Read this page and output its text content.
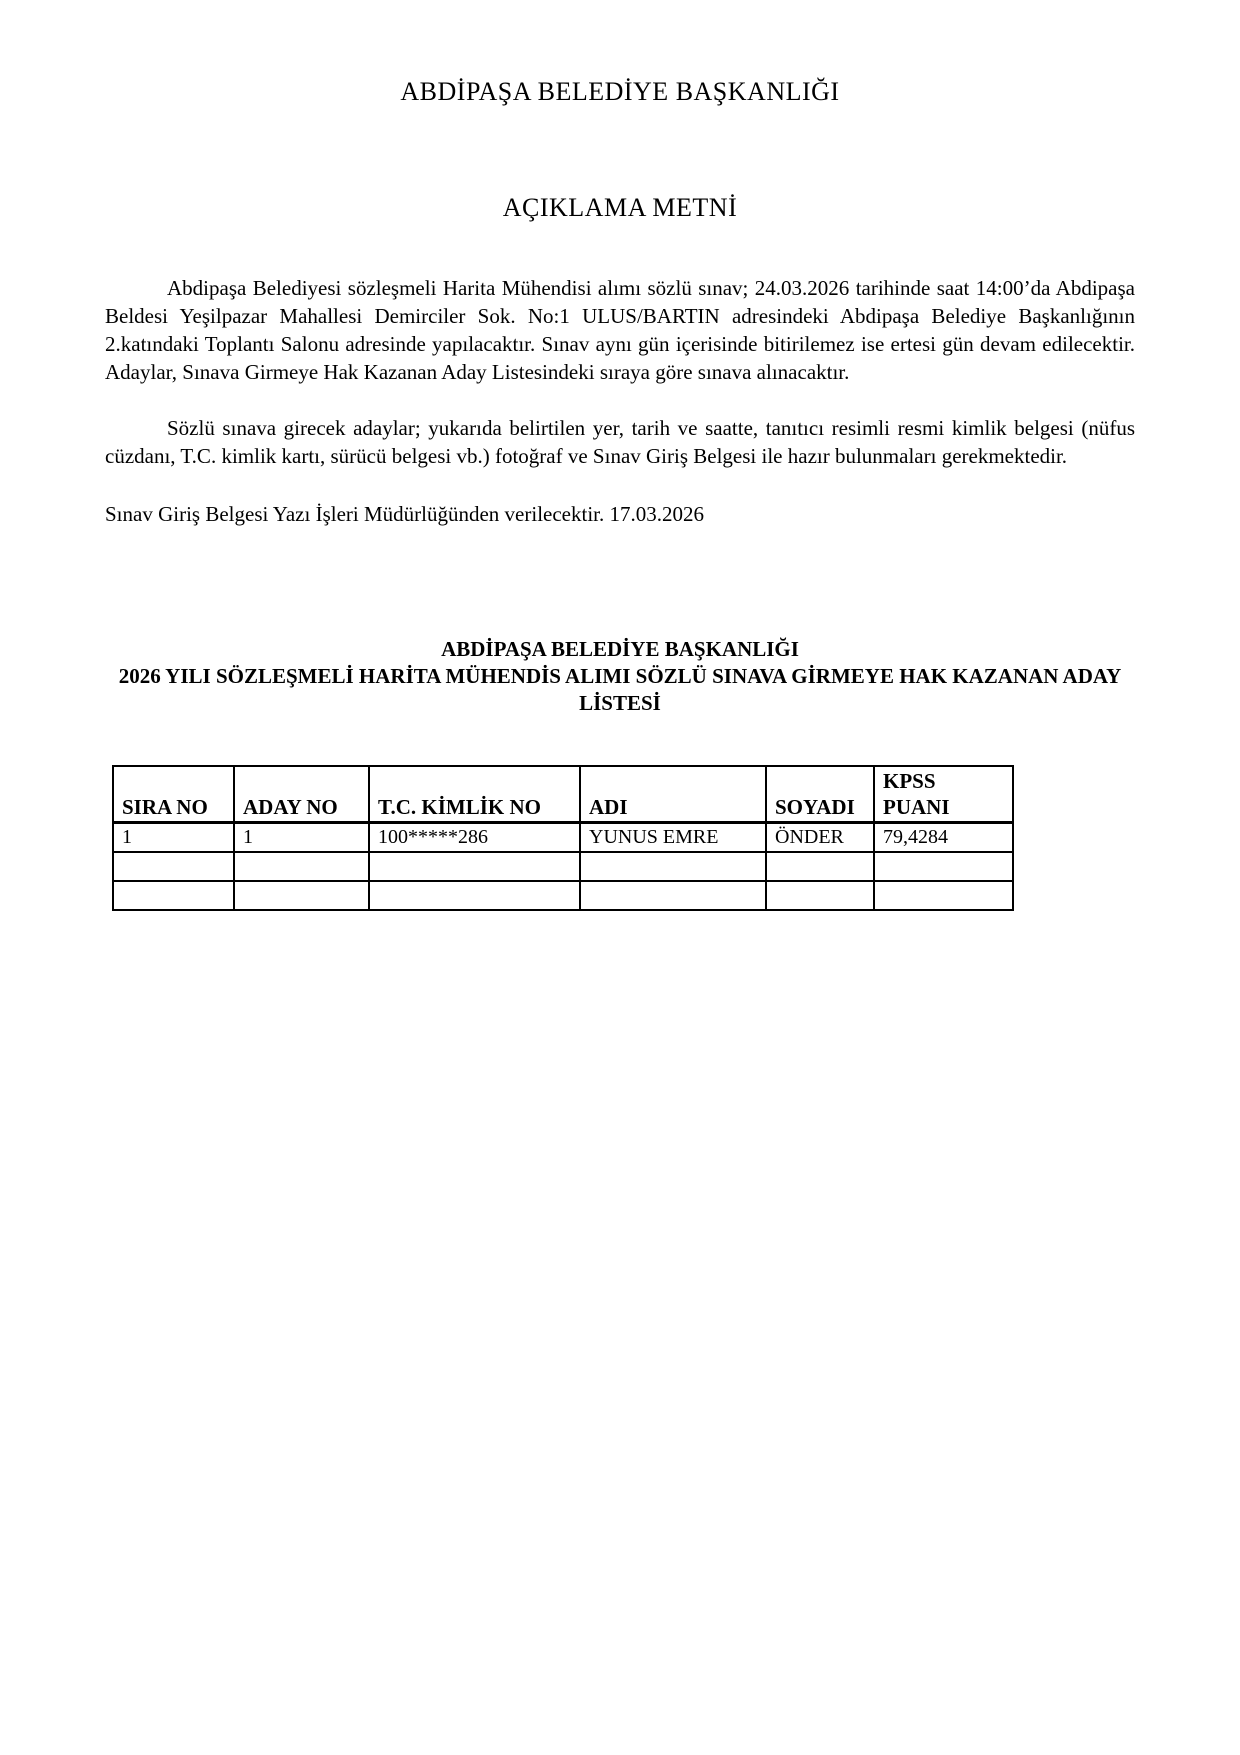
ABDİPAŞA BELEDİYE BAŞKANLIĞI
AÇIKLAMA METNİ

Abdipaşa Belediyesi sözleşmeli Harita Mühendisi alımı sözlü sınav; 24.03.2026 tarihinde saat 14:00’da Abdipaşa Beldesi Yeşilpazar Mahallesi Demirciler Sok. No:1 ULUS/BARTIN adresindeki Abdipaşa Belediye Başkanlığının 2.katındaki Toplantı Salonu adresinde yapılacaktır. Sınav aynı gün içerisinde bitirilemez ise ertesi gün devam edilecektir. Adaylar, Sınava Girmeye Hak Kazanan Aday Listesindeki sıraya göre sınava alınacaktır.

Sözlü sınava girecek adaylar; yukarıda belirtilen yer, tarih ve saatte, tanıtıcı resimli resmi kimlik belgesi (nüfus cüzdanı, T.C. kimlik kartı, sürücü belgesi vb.) fotoğraf ve Sınav Giriş Belgesi ile hazır bulunmaları gerekmektedir.

Sınav Giriş Belgesi Yazı İşleri Müdürlüğünden verilecektir. 17.03.2026

ABDİPAŞA BELEDİYE BAŞKANLIĞI
2026 YILI SÖZLEŞMELİ HARİTA MÜHENDİS ALIMI SÖZLÜ SINAVA GİRMEYE HAK KAZANAN ADAY LİSTESİ
SIRA NO	ADAY NO	T.C. KİMLİK NO	ADI	SOYADI	KPSS PUANI
1	1	100*****286	YUNUS EMRE	ÖNDER	79,4284
